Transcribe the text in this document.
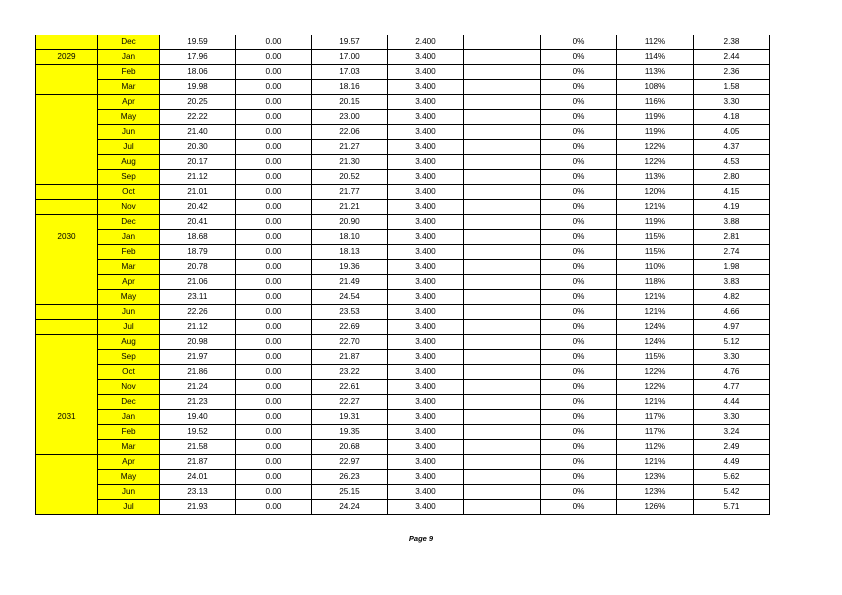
	Dec	19.59	0.00	19.57	2.400		0%	112%	2.38
2029	Jan	17.96	0.00	17.00	3.400		0%	114%	2.44
	Feb	18.06	0.00	17.03	3.400		0%	113%	2.36
	Mar	19.98	0.00	18.16	3.400		0%	108%	1.58
	Apr	20.25	0.00	20.15	3.400		0%	116%	3.30
	May	22.22	0.00	23.00	3.400		0%	119%	4.18
	Jun	21.40	0.00	22.06	3.400		0%	119%	4.05
	Jul	20.30	0.00	21.27	3.400		0%	122%	4.37
	Aug	20.17	0.00	21.30	3.400		0%	122%	4.53
	Sep	21.12	0.00	20.52	3.400		0%	113%	2.80
	Oct	21.01	0.00	21.77	3.400		0%	120%	4.15
	Nov	20.42	0.00	21.21	3.400		0%	121%	4.19
	Dec	20.41	0.00	20.90	3.400		0%	119%	3.88
2030	Jan	18.68	0.00	18.10	3.400		0%	115%	2.81
	Feb	18.79	0.00	18.13	3.400		0%	115%	2.74
	Mar	20.78	0.00	19.36	3.400		0%	110%	1.98
	Apr	21.06	0.00	21.49	3.400		0%	118%	3.83
	May	23.11	0.00	24.54	3.400		0%	121%	4.82
	Jun	22.26	0.00	23.53	3.400		0%	121%	4.66
	Jul	21.12	0.00	22.69	3.400		0%	124%	4.97
	Aug	20.98	0.00	22.70	3.400		0%	124%	5.12
	Sep	21.97	0.00	21.87	3.400		0%	115%	3.30
	Oct	21.86	0.00	23.22	3.400		0%	122%	4.76
	Nov	21.24	0.00	22.61	3.400		0%	122%	4.77
	Dec	21.23	0.00	22.27	3.400		0%	121%	4.44
2031	Jan	19.40	0.00	19.31	3.400		0%	117%	3.30
	Feb	19.52	0.00	19.35	3.400		0%	117%	3.24
	Mar	21.58	0.00	20.68	3.400		0%	112%	2.49
	Apr	21.87	0.00	22.97	3.400		0%	121%	4.49
	May	24.01	0.00	26.23	3.400		0%	123%	5.62
	Jun	23.13	0.00	25.15	3.400		0%	123%	5.42
	Jul	21.93	0.00	24.24	3.400		0%	126%	5.71
Page 9
